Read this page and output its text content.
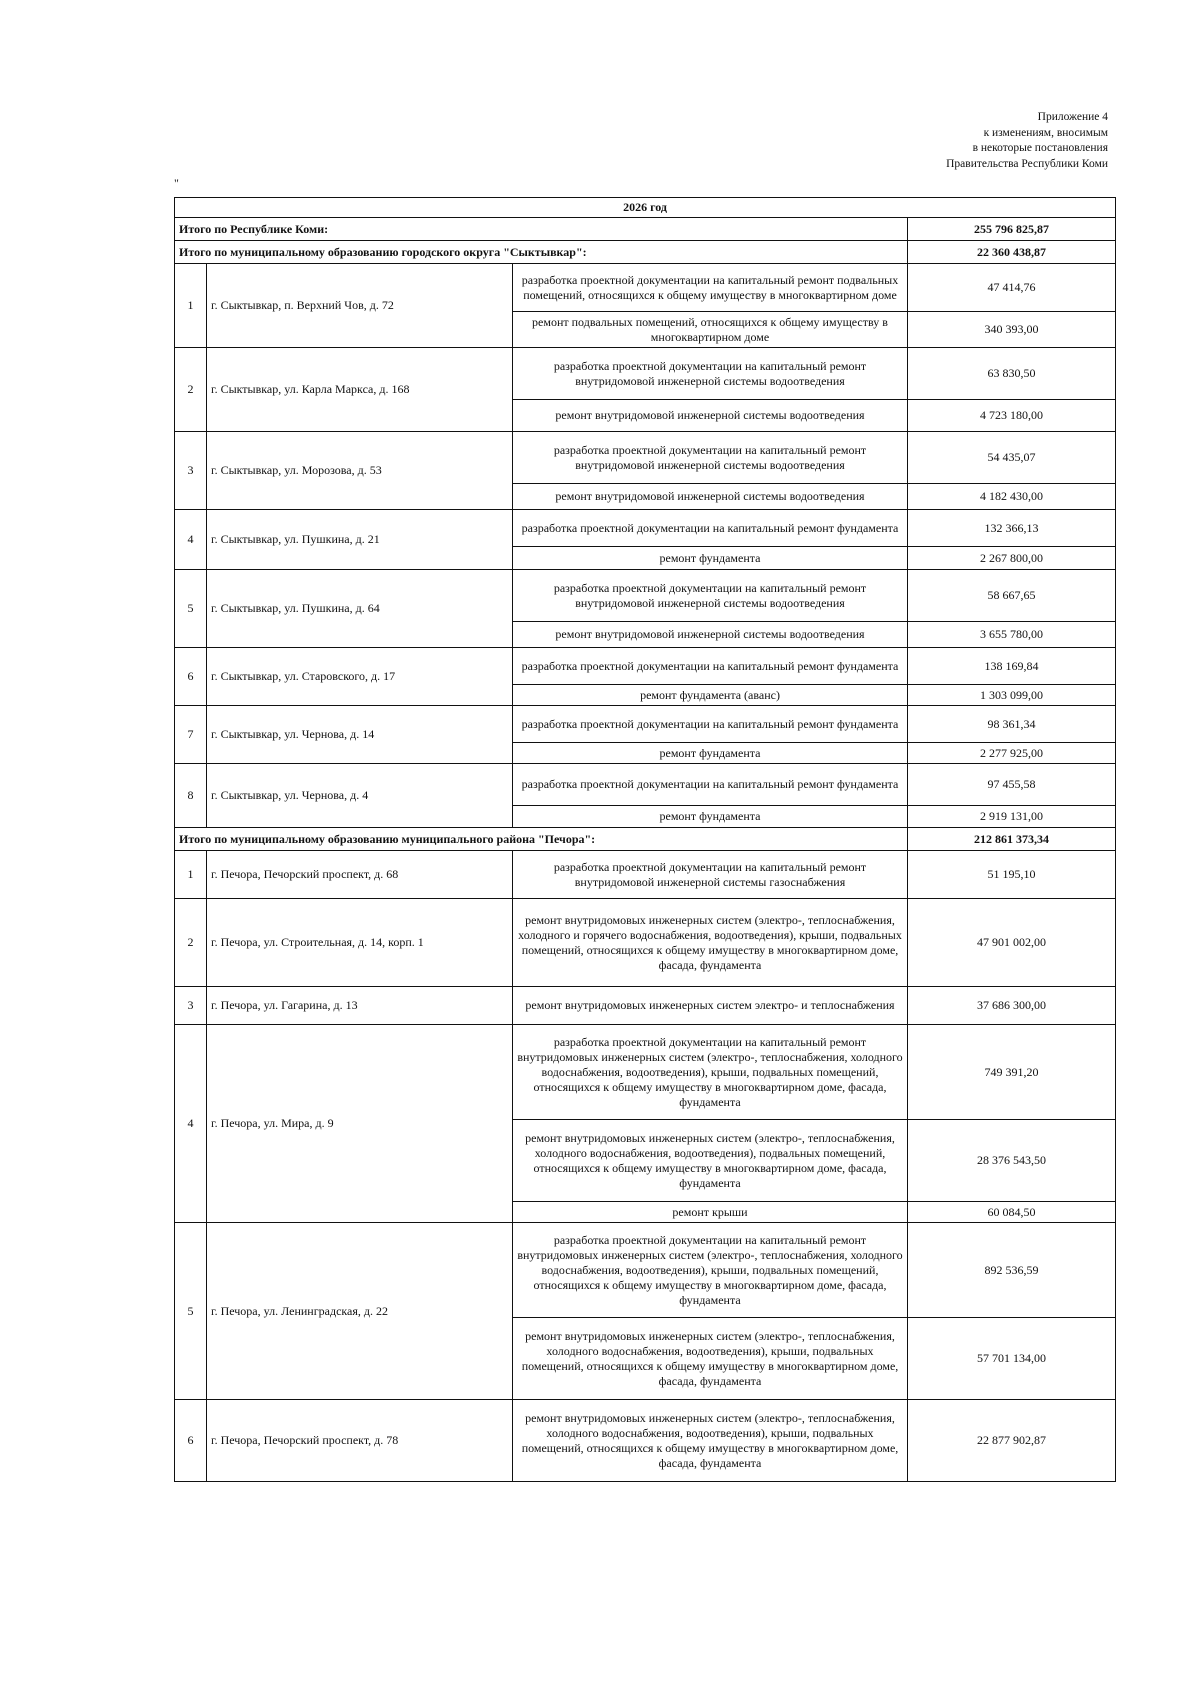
Приложение 4
к изменениям, вносимым
в некоторые постановления
Правительства Республики Коми
"
2026 год			
Итого по Республике Коми:			255 796 825,87
Итого по муниципальному образованию городского округа "Сыктывкар":			22 360 438,87
1	г. Сыктывкар, п. Верхний Чов, д. 72	разработка проектной документации на капитальный ремонт подвальных помещений, относящихся к общему имуществу в многоквартирном доме	47 414,76
		ремонт подвальных помещений, относящихся к общему имуществу в многоквартирном доме	340 393,00
2	г. Сыктывкар, ул. Карла Маркса, д. 168	разработка проектной документации на капитальный ремонт внутридомовой инженерной системы водоотведения	63 830,50
		ремонт внутридомовой инженерной системы водоотведения	4 723 180,00
3	г. Сыктывкар, ул. Морозова, д. 53	разработка проектной документации на капитальный ремонт внутридомовой инженерной системы водоотведения	54 435,07
		ремонт внутридомовой инженерной системы водоотведения	4 182 430,00
4	г. Сыктывкар, ул. Пушкина, д. 21	разработка проектной документации на капитальный ремонт фундамента	132 366,13
		ремонт фундамента	2 267 800,00
5	г. Сыктывкар, ул. Пушкина, д. 64	разработка проектной документации на капитальный ремонт внутридомовой инженерной системы водоотведения	58 667,65
		ремонт внутридомовой инженерной системы водоотведения	3 655 780,00
6	г. Сыктывкар, ул. Старовского, д. 17	разработка проектной документации на капитальный ремонт фундамента	138 169,84
		ремонт фундамента (аванс)	1 303 099,00
7	г. Сыктывкар, ул. Чернова, д. 14	разработка проектной документации на капитальный ремонт фундамента	98 361,34
		ремонт фундамента	2 277 925,00
8	г. Сыктывкар, ул. Чернова, д. 4	разработка проектной документации на капитальный ремонт фундамента	97 455,58
		ремонт фундамента	2 919 131,00
Итого по муниципальному образованию муниципального района "Печора":			212 861 373,34
1	г. Печора, Печорский проспект, д. 68	разработка проектной документации на капитальный ремонт внутридомовой инженерной системы газоснабжения	51 195,10
2	г. Печора, ул. Строительная, д. 14, корп. 1	ремонт внутридомовых инженерных систем (электро-, теплоснабжения, холодного и горячего водоснабжения, водоотведения), крыши, подвальных помещений, относящихся к общему имуществу в многоквартирном доме, фасада, фундамента	47 901 002,00
3	г. Печора, ул. Гагарина, д. 13	ремонт внутридомовых инженерных систем электро- и теплоснабжения	37 686 300,00
4	г. Печора, ул. Мира, д. 9	разработка проектной документации на капитальный ремонт внутридомовых инженерных систем (электро-, теплоснабжения, холодного водоснабжения, водоотведения), крыши, подвальных помещений, относящихся к общему имуществу в многоквартирном доме, фасада, фундамента	749 391,20
		ремонт внутридомовых инженерных систем (электро-, теплоснабжения, холодного водоснабжения, водоотведения), подвальных помещений, относящихся к общему имуществу в многоквартирном доме, фасада, фундамента	28 376 543,50
		ремонт крыши	60 084,50
5	г. Печора, ул. Ленинградская, д. 22	разработка проектной документации на капитальный ремонт внутридомовых инженерных систем (электро-, теплоснабжения, холодного водоснабжения, водоотведения), крыши, подвальных помещений, относящихся к общему имуществу в многоквартирном доме, фасада, фундамента	892 536,59
		ремонт внутридомовых инженерных систем (электро-, теплоснабжения, холодного водоснабжения, водоотведения), крыши, подвальных помещений, относящихся к общему имуществу в многоквартирном доме, фасада, фундамента	57 701 134,00
6	г. Печора, Печорский проспект, д. 78	ремонт внутридомовых инженерных систем (электро-, теплоснабжения, холодного водоснабжения, водоотведения), крыши, подвальных помещений, относящихся к общему имуществу в многоквартирном доме, фасада, фундамента	22 877 902,87
